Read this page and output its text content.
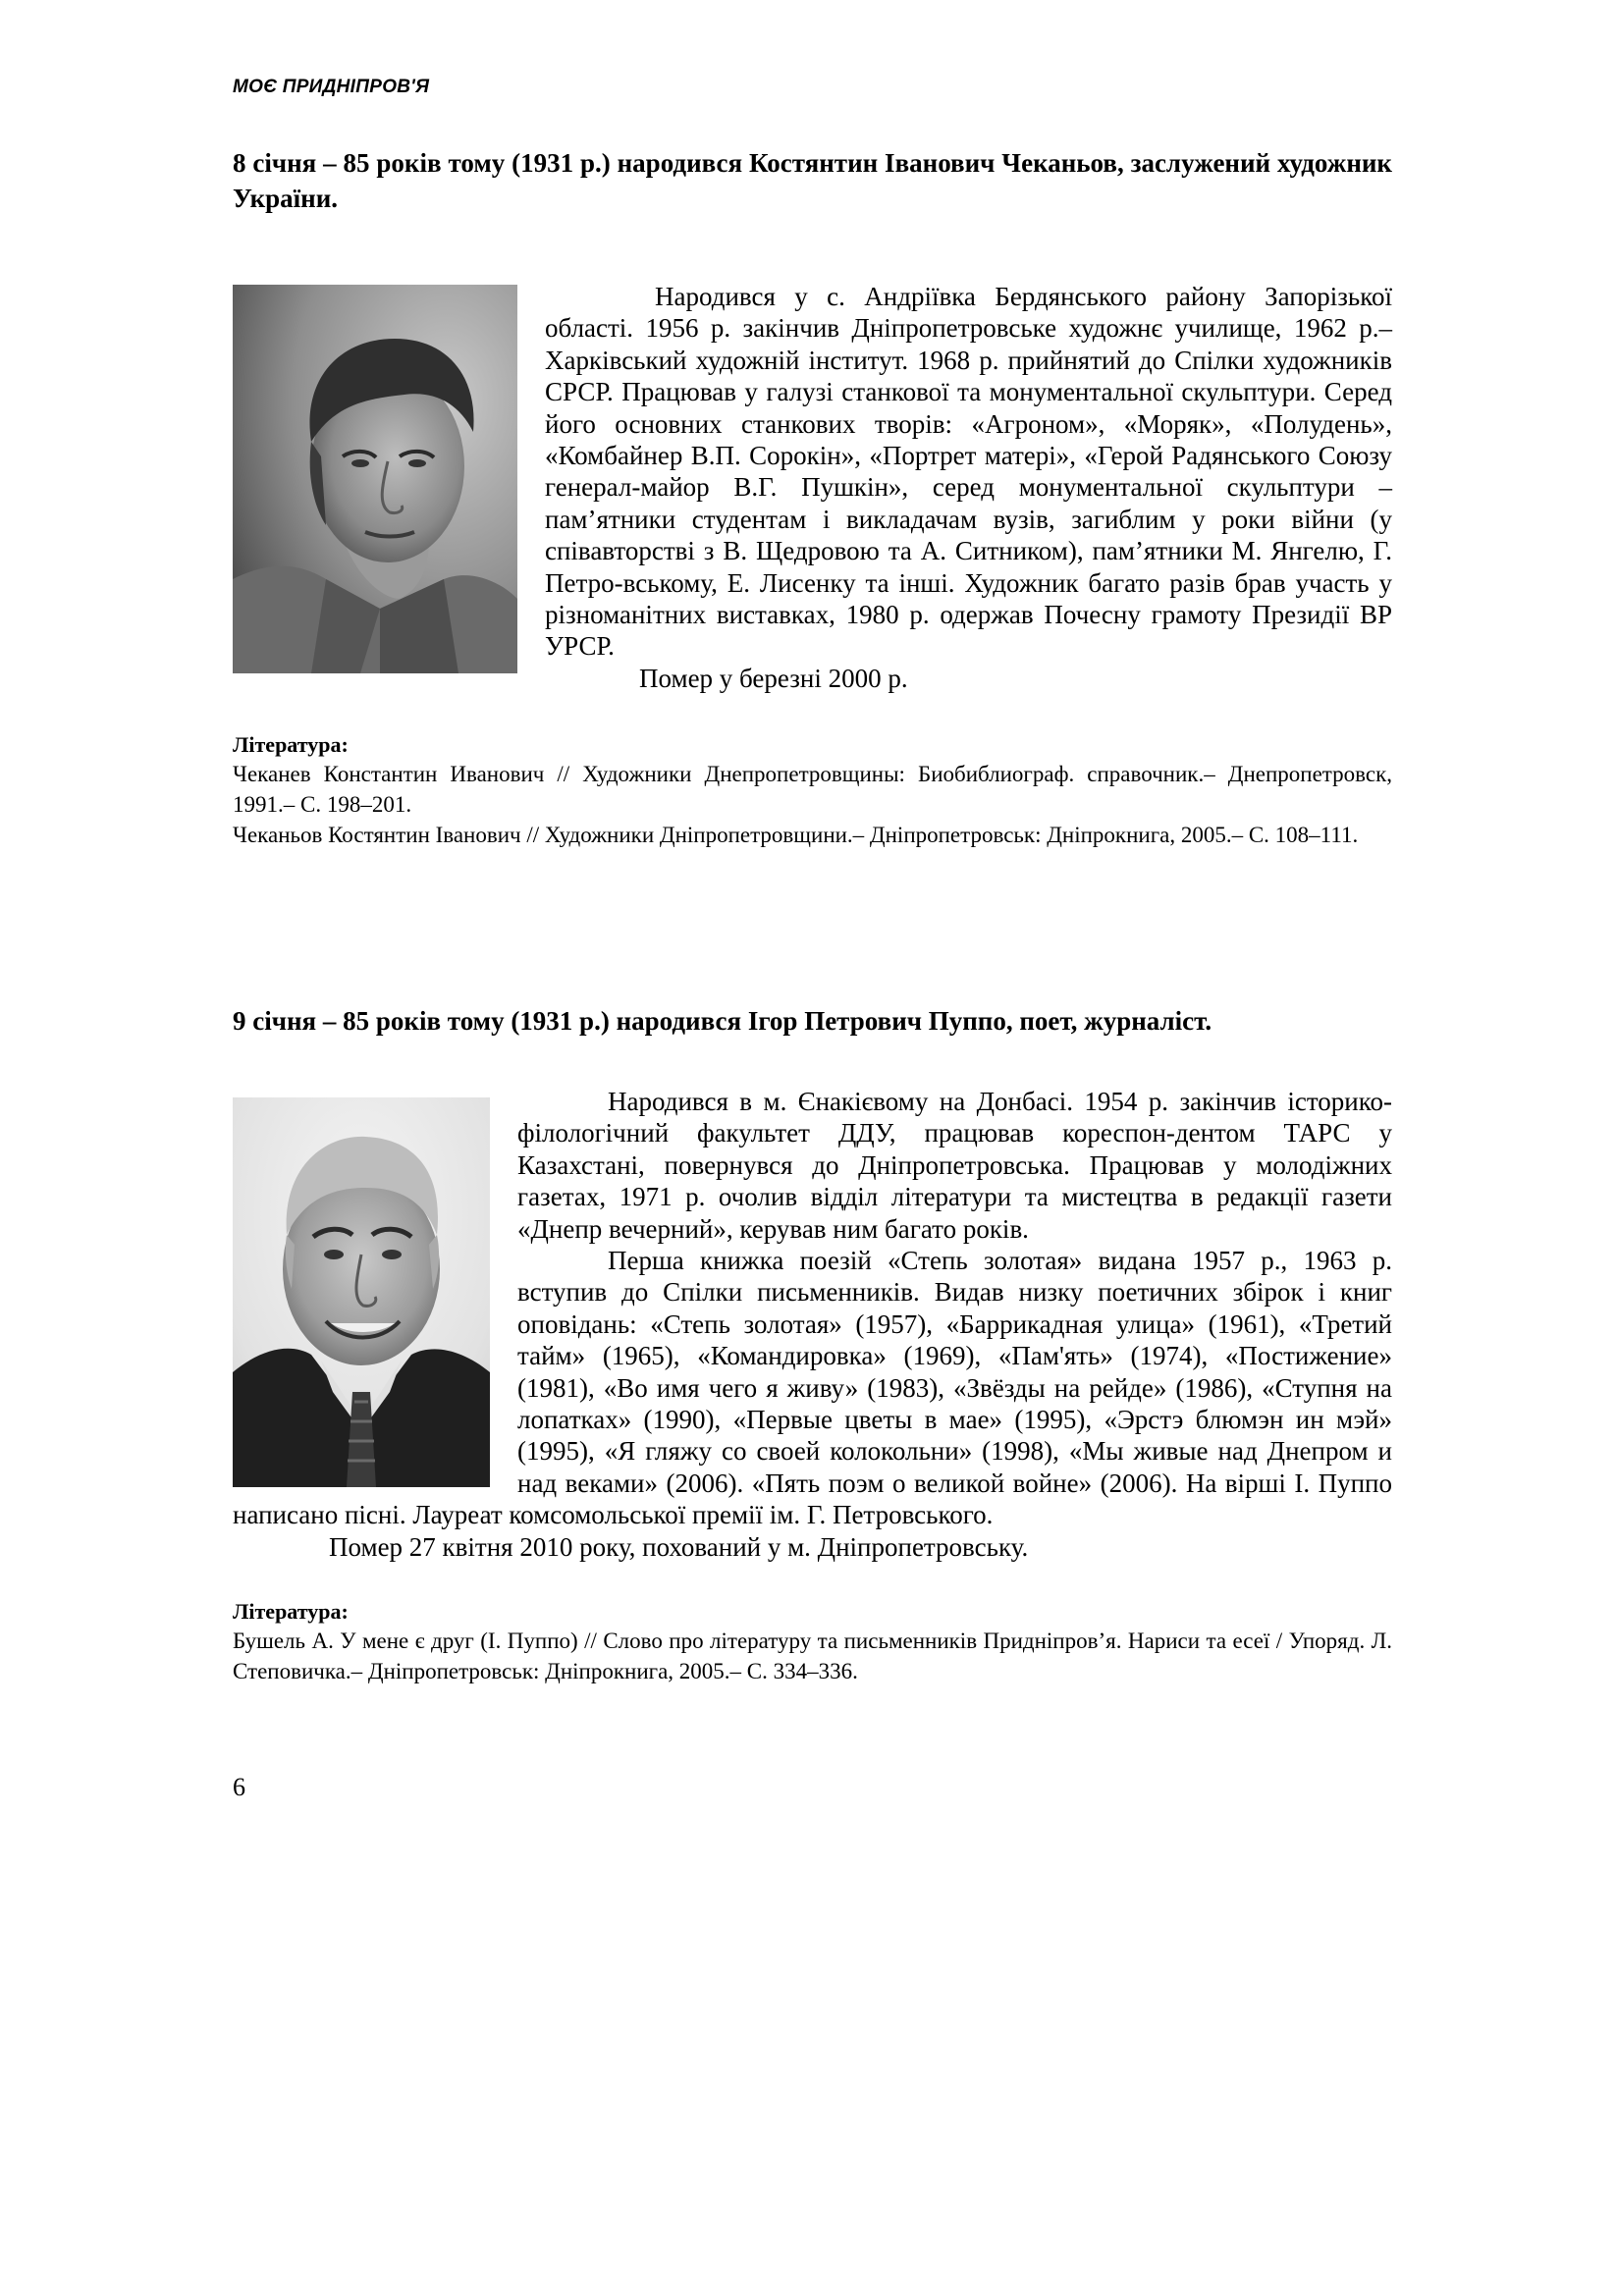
МОЄ ПРИДНІПРОВ'Я

8 січня – 85 років тому (1931 р.) народився Костянтин Іванович Чеканьов, заслужений художник України.

Народився у с. Андріївка Бердянського району Запорізької області. 1956 р. закінчив Дніпропетровське художнє училище, 1962 р.– Харківський художній інститут. 1968 р. прийнятий до Спілки художників СРСР. Працював у галузі станкової та монументальної скульптури. Серед його основних станкових творів: «Агроном», «Моряк», «Полудень», «Комбайнер В.П. Сорокін», «Портрет матері», «Герой Радянського Союзу генерал-майор В.Г. Пушкін», серед монументальної скульптури – пам’ятники студентам і викладачам вузів, загиблим у роки війни (у співавторстві з В. Щедровою та А. Ситником), пам’ятники М. Янгелю, Г. Петро-вському, Е. Лисенку та інші. Художник багато разів брав участь у різноманітних виставках, 1980 р. одержав Почесну грамоту Президії ВР УРСР.

Помер у березні 2000 р.

Література:

Чеканев Константин Иванович // Художники Днепропетровщины: Биобиблиограф. справочник.– Днепропетровск, 1991.– С. 198–201.

Чеканьов Костянтин Іванович // Художники Дніпропетровщини.– Дніпропетровськ: Дніпрокнига, 2005.– С. 108–111.

9 січня – 85 років тому (1931 р.) народився Ігор Петрович Пуппо, поет, журналіст.

Народився в м. Єнакієвому на Донбасі. 1954 р. закінчив історико-філологічний факультет ДДУ, працював кореспон-дентом ТАРС у Казахстані, повернувся до Дніпропетровська. Працював у молодіжних газетах, 1971 р. очолив відділ літератури та мистецтва в редакції газети «Днепр вечерний», керував ним багато років.

Перша книжка поезій «Степь золотая» видана 1957 р., 1963 р. вступив до Спілки письменників. Видав низку поетичних збірок і книг оповідань: «Степь золотая» (1957), «Баррикадная улица» (1961), «Третий тайм» (1965), «Командировка» (1969), «Пам'ять» (1974), «Постижение» (1981), «Во имя чего я живу» (1983), «Звёзды на рейде» (1986), «Ступня на лопатках» (1990), «Первые цветы в мае» (1995), «Эрстэ блюмэн ин мэй» (1995), «Я гляжу со своей колокольни» (1998), «Мы живые над Днепром и над веками» (2006). «Пять поэм о великой войне» (2006). На вірші І. Пуппо написано пісні. Лауреат комсомольської премії ім. Г. Петровського.

Помер 27 квітня 2010 року, похований у м. Дніпропетровську.

Література:

Бушель А. У мене є друг (І. Пуппо) // Слово про літературу та письменників Придніпров’я. Нариси та есеї / Упоряд. Л. Степовичка.– Дніпропетровськ: Дніпрокнига, 2005.– С. 334–336.

6
